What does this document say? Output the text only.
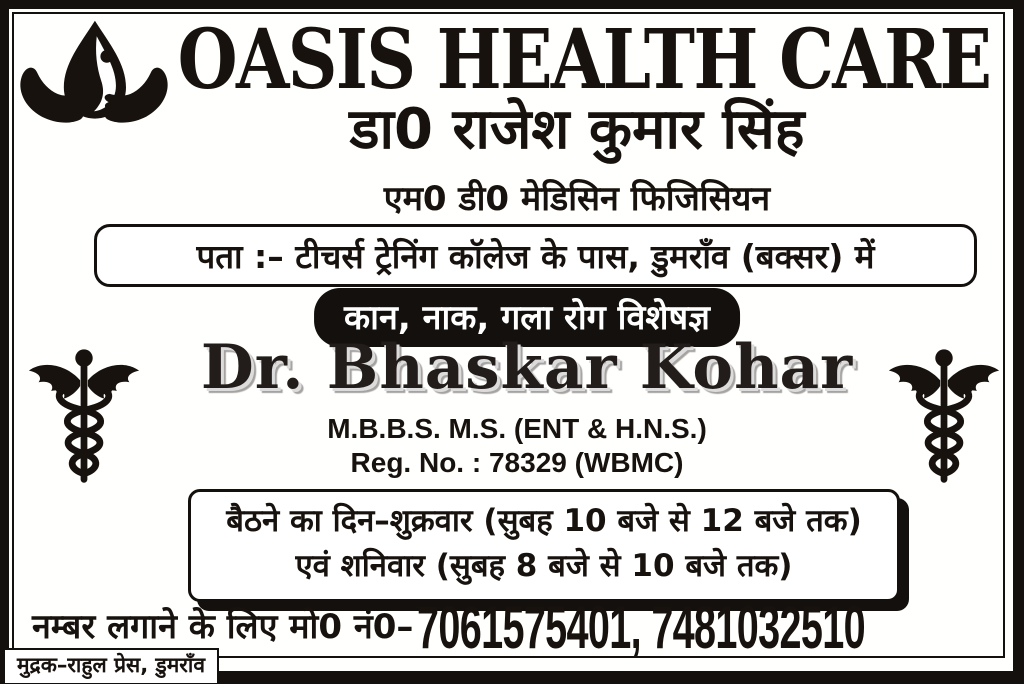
OASIS HEALTH CARE
डा0 राजेश कुमार सिंह
एम0 डी0 मेडिसिन फिजिसियन
पता :– टीचर्स ट्रेनिंग कॉलेज के पास, डुमराँव (बक्सर) में
कान, नाक, गला रोग विशेषज्ञ
Dr. Bhaskar Kohar
M.B.B.S. M.S. (ENT & H.N.S.)
Reg. No. : 78329 (WBMC)
बैठने का दिन–शुक्रवार (सुबह 10 बजे से 12 बजे तक)
एवं शनिवार (सुबह 8 बजे से 10 बजे तक)
नम्बर लगाने के लिए मो0 नं0– 7061575401, 7481032510
मुद्रक–राहुल प्रेस, डुमराँव
